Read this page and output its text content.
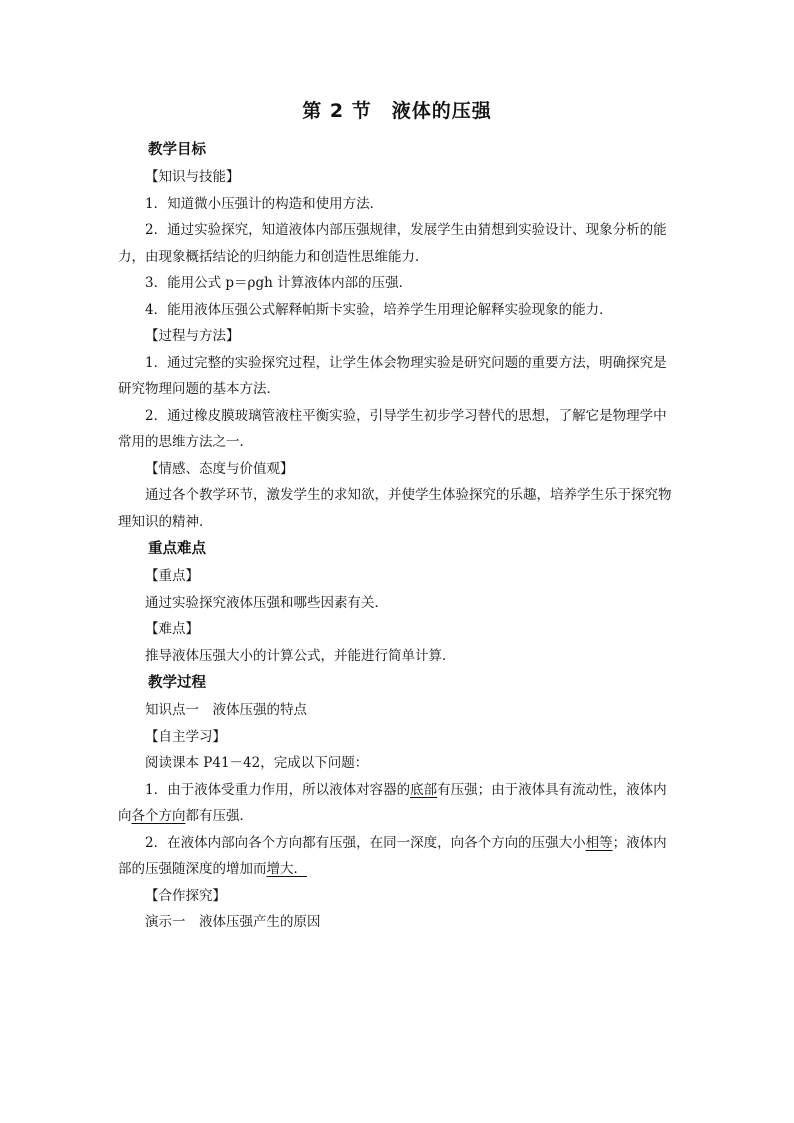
第 2 节 液体的压强

教学目标

【知识与技能】

1．知道微小压强计的构造和使用方法．

2．通过实验探究，知道液体内部压强规律，发展学生由猜想到实验设计、现象分析的能力，由现象概括结论的归纳能力和创造性思维能力．

3．能用公式 p＝ρgh 计算液体内部的压强．

4．能用液体压强公式解释帕斯卡实验，培养学生用理论解释实验现象的能力．

【过程与方法】

1．通过完整的实验探究过程，让学生体会物理实验是研究问题的重要方法，明确探究是研究物理问题的基本方法．

2．通过橡皮膜玻璃管液柱平衡实验，引导学生初步学习替代的思想，了解它是物理学中常用的思维方法之一．

【情感、态度与价值观】

通过各个教学环节，激发学生的求知欲，并使学生体验探究的乐趣，培养学生乐于探究物理知识的精神．

重点难点

【重点】

通过实验探究液体压强和哪些因素有关．

【难点】

推导液体压强大小的计算公式，并能进行简单计算．

教学过程

知识点一　液体压强的特点

【自主学习】

阅读课本 P41－42，完成以下问题：

1．由于液体受重力作用，所以液体对容器的底部有压强；由于液体具有流动性，液体内向各个方向都有压强．

2．在液体内部向各个方向都有压强，在同一深度，向各个方向的压强大小相等；液体内部的压强随深度的增加而增大．

【合作探究】

演示一　液体压强产生的原因
